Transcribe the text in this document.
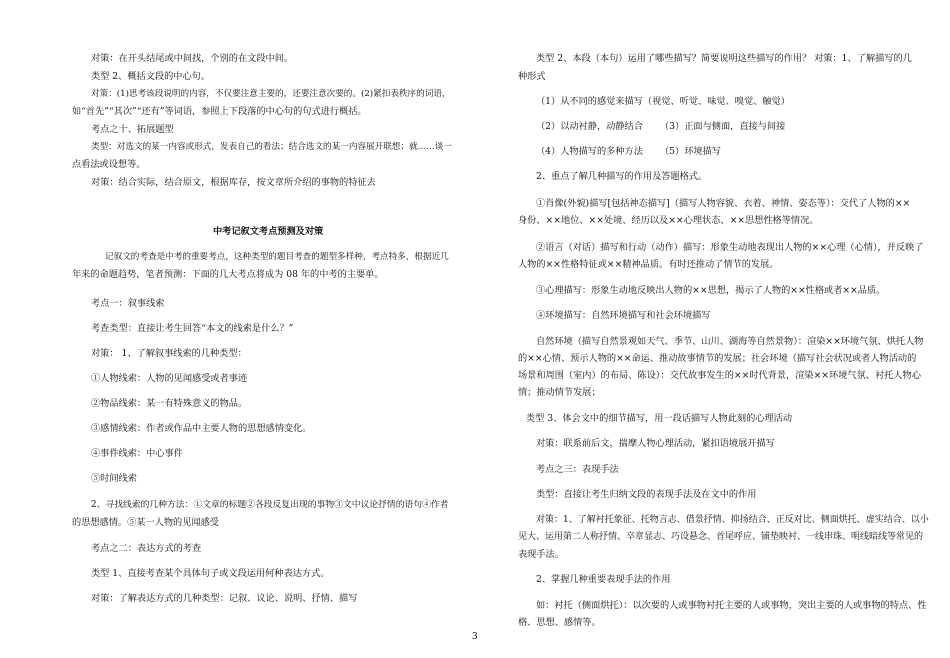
对策：在开头结尾或中间找，个别的在文段中间。
类型 2、概括文段的中心句。
对策：(1)思考该段说明的内容，不仅要注意主要的，还要注意次要的。(2)紧扣表秩序的词语，
如“首先”“其次”“还有”等词语，参照上下段落的中心句的句式进行概括。
考点之十、拓展题型
类型：对选文的某一内容或形式，发表自己的看法；结合选文的某一内容展开联想；就……谈一
点看法或设想等。
对策：结合实际，结合原文，根据库存，按文章所介绍的事物的特征去
中考记叙文考点预测及对策
记叙文的考查是中考的重要考点，这种类型的题目考查的题型多样种，考点特多，根据近几
年来的命题趋势，笔者预测：下面的几大考点将成为 08 年的中考的主要单。
考点一：叙事线索
考查类型：直接让考生回答“本文的线索是什么？”
对策： 1、了解叙事线索的几种类型：
①人物线索：人物的见闻感受或者事迹
②物品线索：某一有特殊意义的物品。
③感情线索：作者或作品中主要人物的思想感情变化。
④事件线索：中心事件
⑤时间线索
2、寻找线索的几种方法：①文章的标题②各段反复出现的事物③文中议论抒情的语句④作者
的思想感情。⑤某一人物的见闻感受
考点之二：表达方式的考查
类型 1、直接考查某个具体句子或文段运用何种表达方式。
对策：了解表达方式的几种类型：记叙、议论、说明、抒情、描写
类型 2、本段（本句）运用了哪些描写？简要说明这些描写的作用？ 对策：1、了解描写的几
种形式
（1）从不同的感觉来描写（视觉、听觉、味觉、嗅觉、触觉）
（2）以动衬静，动静结合 （3）正面与侧面，直接与间接
（4）人物描写的多种方法 （5）环境描写
2、重点了解几种描写的作用及答题格式。
①肖像(外貌)描写[包括神态描写]（描写人物容貌、衣着、神情、姿态等）：交代了人物的××
身份、××地位、××处境、经历以及××心理状态、××思想性格等情况。
②语言（对话）描写和行动（动作）描写：形象生动地表现出人物的××心理（心情），并反映了
人物的××性格特征或××精神品质。有时还推动了情节的发展。
③心理描写：形象生动地反映出人物的××思想，揭示了人物的××性格或者××品质。
④环境描写：自然环境描写和社会环境描写
自然环境（描写自然景观如天气、季节、山川、湖海等自然景物）：渲染××环境气氛、烘托人物
的××心情、预示人物的××命运、推动故事情节的发展；社会环境（描写社会状况或者人物活动的
场景和周围（室内）的布局、陈设）：交代故事发生的××时代背景，渲染××环境气氛、衬托人物心
情；推动情节发展；
类型 3、体会文中的细节描写，用一段话描写人物此刻的心理活动
对策：联系前后文，揣摩人物心理活动，紧扣语境展开描写
考点之三：表现手法
类型：直接让考生归纳文段的表现手法及在文中的作用
对策：1、了解衬托象征、托物言志、借景抒情、抑扬结合、正反对比、侧面烘托、虚实结合、以小
见大、运用第二人称抒情、卒章显志、巧设悬念、首尾呼应、铺垫映衬、一线串珠、明线暗线等常见的
表现手法。
2、掌握几种重要表现手法的作用
如：衬托（侧面烘托）：以次要的人或事物衬托主要的人或事物，突出主要的人或事物的特点、性
格、思想、感情等。
3
